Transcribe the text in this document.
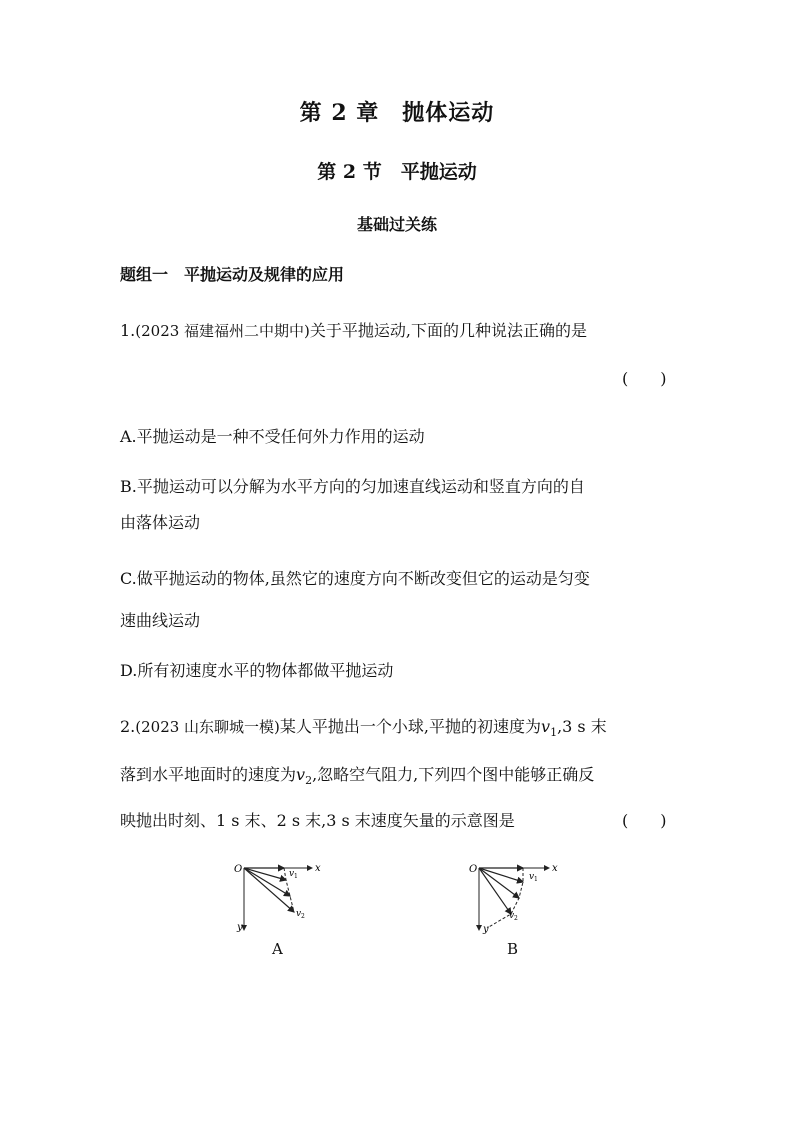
第 2 章　抛体运动
第 2 节　平抛运动
基础过关练
题组一　平抛运动及规律的应用
1.(2023 福建福州二中期中)关于平抛运动,下面的几种说法正确的是
(　　)
A.平抛运动是一种不受任何外力作用的运动
B.平抛运动可以分解为水平方向的匀加速直线运动和竖直方向的自
由落体运动
C.做平抛运动的物体,虽然它的速度方向不断改变但它的运动是匀变
速曲线运动
D.所有初速度水平的物体都做平抛运动
2.(2023 山东聊城一模)某人平抛出一个小球,平抛的初速度为$v_1,3$ s 末
落到水平地面时的速度为$v_2$,忽略空气阻力,下列四个图中能够正确反
映抛出时刻、1 s 末、2 s 末,3 s 末速度矢量的示意图是	(　　)
O	x
y
v 1
v 2
A
O	x
y
v 1
v 2
B
